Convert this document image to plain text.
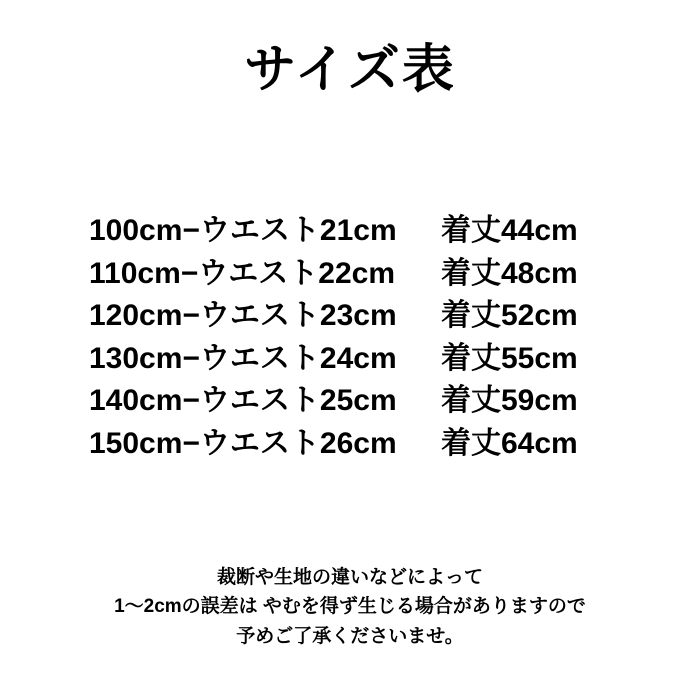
サイズ表
100cm−ウエスト21cm	着丈44cm
110cm−ウエスト22cm	着丈48cm
120cm−ウエスト23cm	着丈52cm
130cm−ウエスト24cm	着丈55cm
140cm−ウエスト25cm	着丈59cm
150cm−ウエスト26cm	着丈64cm
裁断や生地の違いなどによって
1〜2cmの誤差は やむを得ず生じる場合がありますので
予めご了承くださいませ。
